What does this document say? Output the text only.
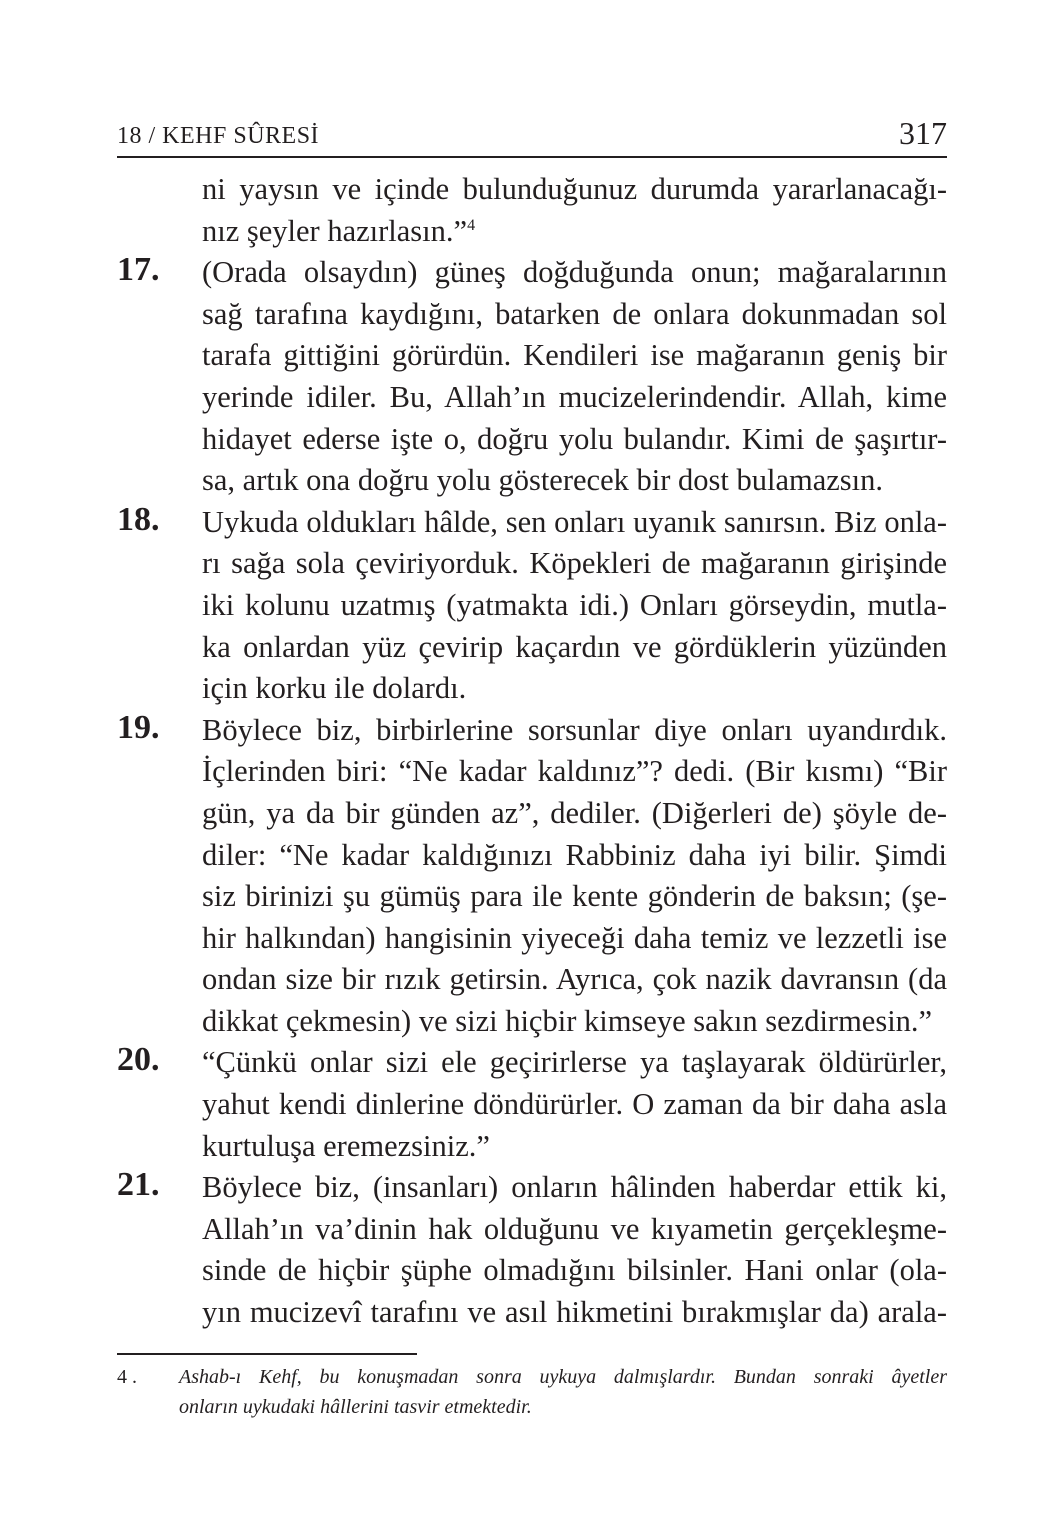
18 / KEHF SÛRESİ	317
ni yaysın ve içinde bulunduğunuz durumda yararlanacağı-
nız şeyler hazırlasın.”$^4$
17. (Orada olsaydın) güneş doğduğunda onun; mağaralarının
sağ tarafına kaydığını, batarken de onlara dokunmadan sol
tarafa gittiğini görürdün. Kendileri ise mağaranın geniş bir
yerinde idiler. Bu, Allah’ın mucizelerindendir. Allah, kime
hidayet ederse işte o, doğru yolu bulandır. Kimi de şaşırtır-
sa, artık ona doğru yolu gösterecek bir dost bulamazsın.
18. Uykuda oldukları hâlde, sen onları uyanık sanırsın. Biz onla-
rı sağa sola çeviriyorduk. Köpekleri de mağaranın girişinde
iki kolunu uzatmış (yatmakta idi.) Onları görseydin, mutla-
ka onlardan yüz çevirip kaçardın ve gördüklerin yüzünden
için korku ile dolardı.
19. Böylece biz, birbirlerine sorsunlar diye onları uyandırdık.
İçlerinden biri: “Ne kadar kaldınız”? dedi. (Bir kısmı) “Bir
gün, ya da bir günden az”, dediler. (Diğerleri de) şöyle de-
diler: “Ne kadar kaldığınızı Rabbiniz daha iyi bilir. Şimdi
siz birinizi şu gümüş para ile kente gönderin de baksın; (şe-
hir halkından) hangisinin yiyeceği daha temiz ve lezzetli ise
ondan size bir rızık getirsin. Ayrıca, çok nazik davransın (da
dikkat çekmesin) ve sizi hiçbir kimseye sakın sezdirmesin.”
20. “Çünkü onlar sizi ele geçirirlerse ya taşlayarak öldürürler,
yahut kendi dinlerine döndürürler. O zaman da bir daha asla
kurtuluşa eremezsiniz.”
21. Böylece biz, (insanları) onların hâlinden haberdar ettik ki,
Allah’ın va’dinin hak olduğunu ve kıyametin gerçekleşme-
sinde de hiçbir şüphe olmadığını bilsinler. Hani onlar (ola-
yın mucizevî tarafını ve asıl hikmetini bırakmışlar da) arala-
4 . Ashab-ı Kehf, bu konuşmadan sonra uykuya dalmışlardır. Bundan sonraki âyetler
onların uykudaki hâllerini tasvir etmektedir.
